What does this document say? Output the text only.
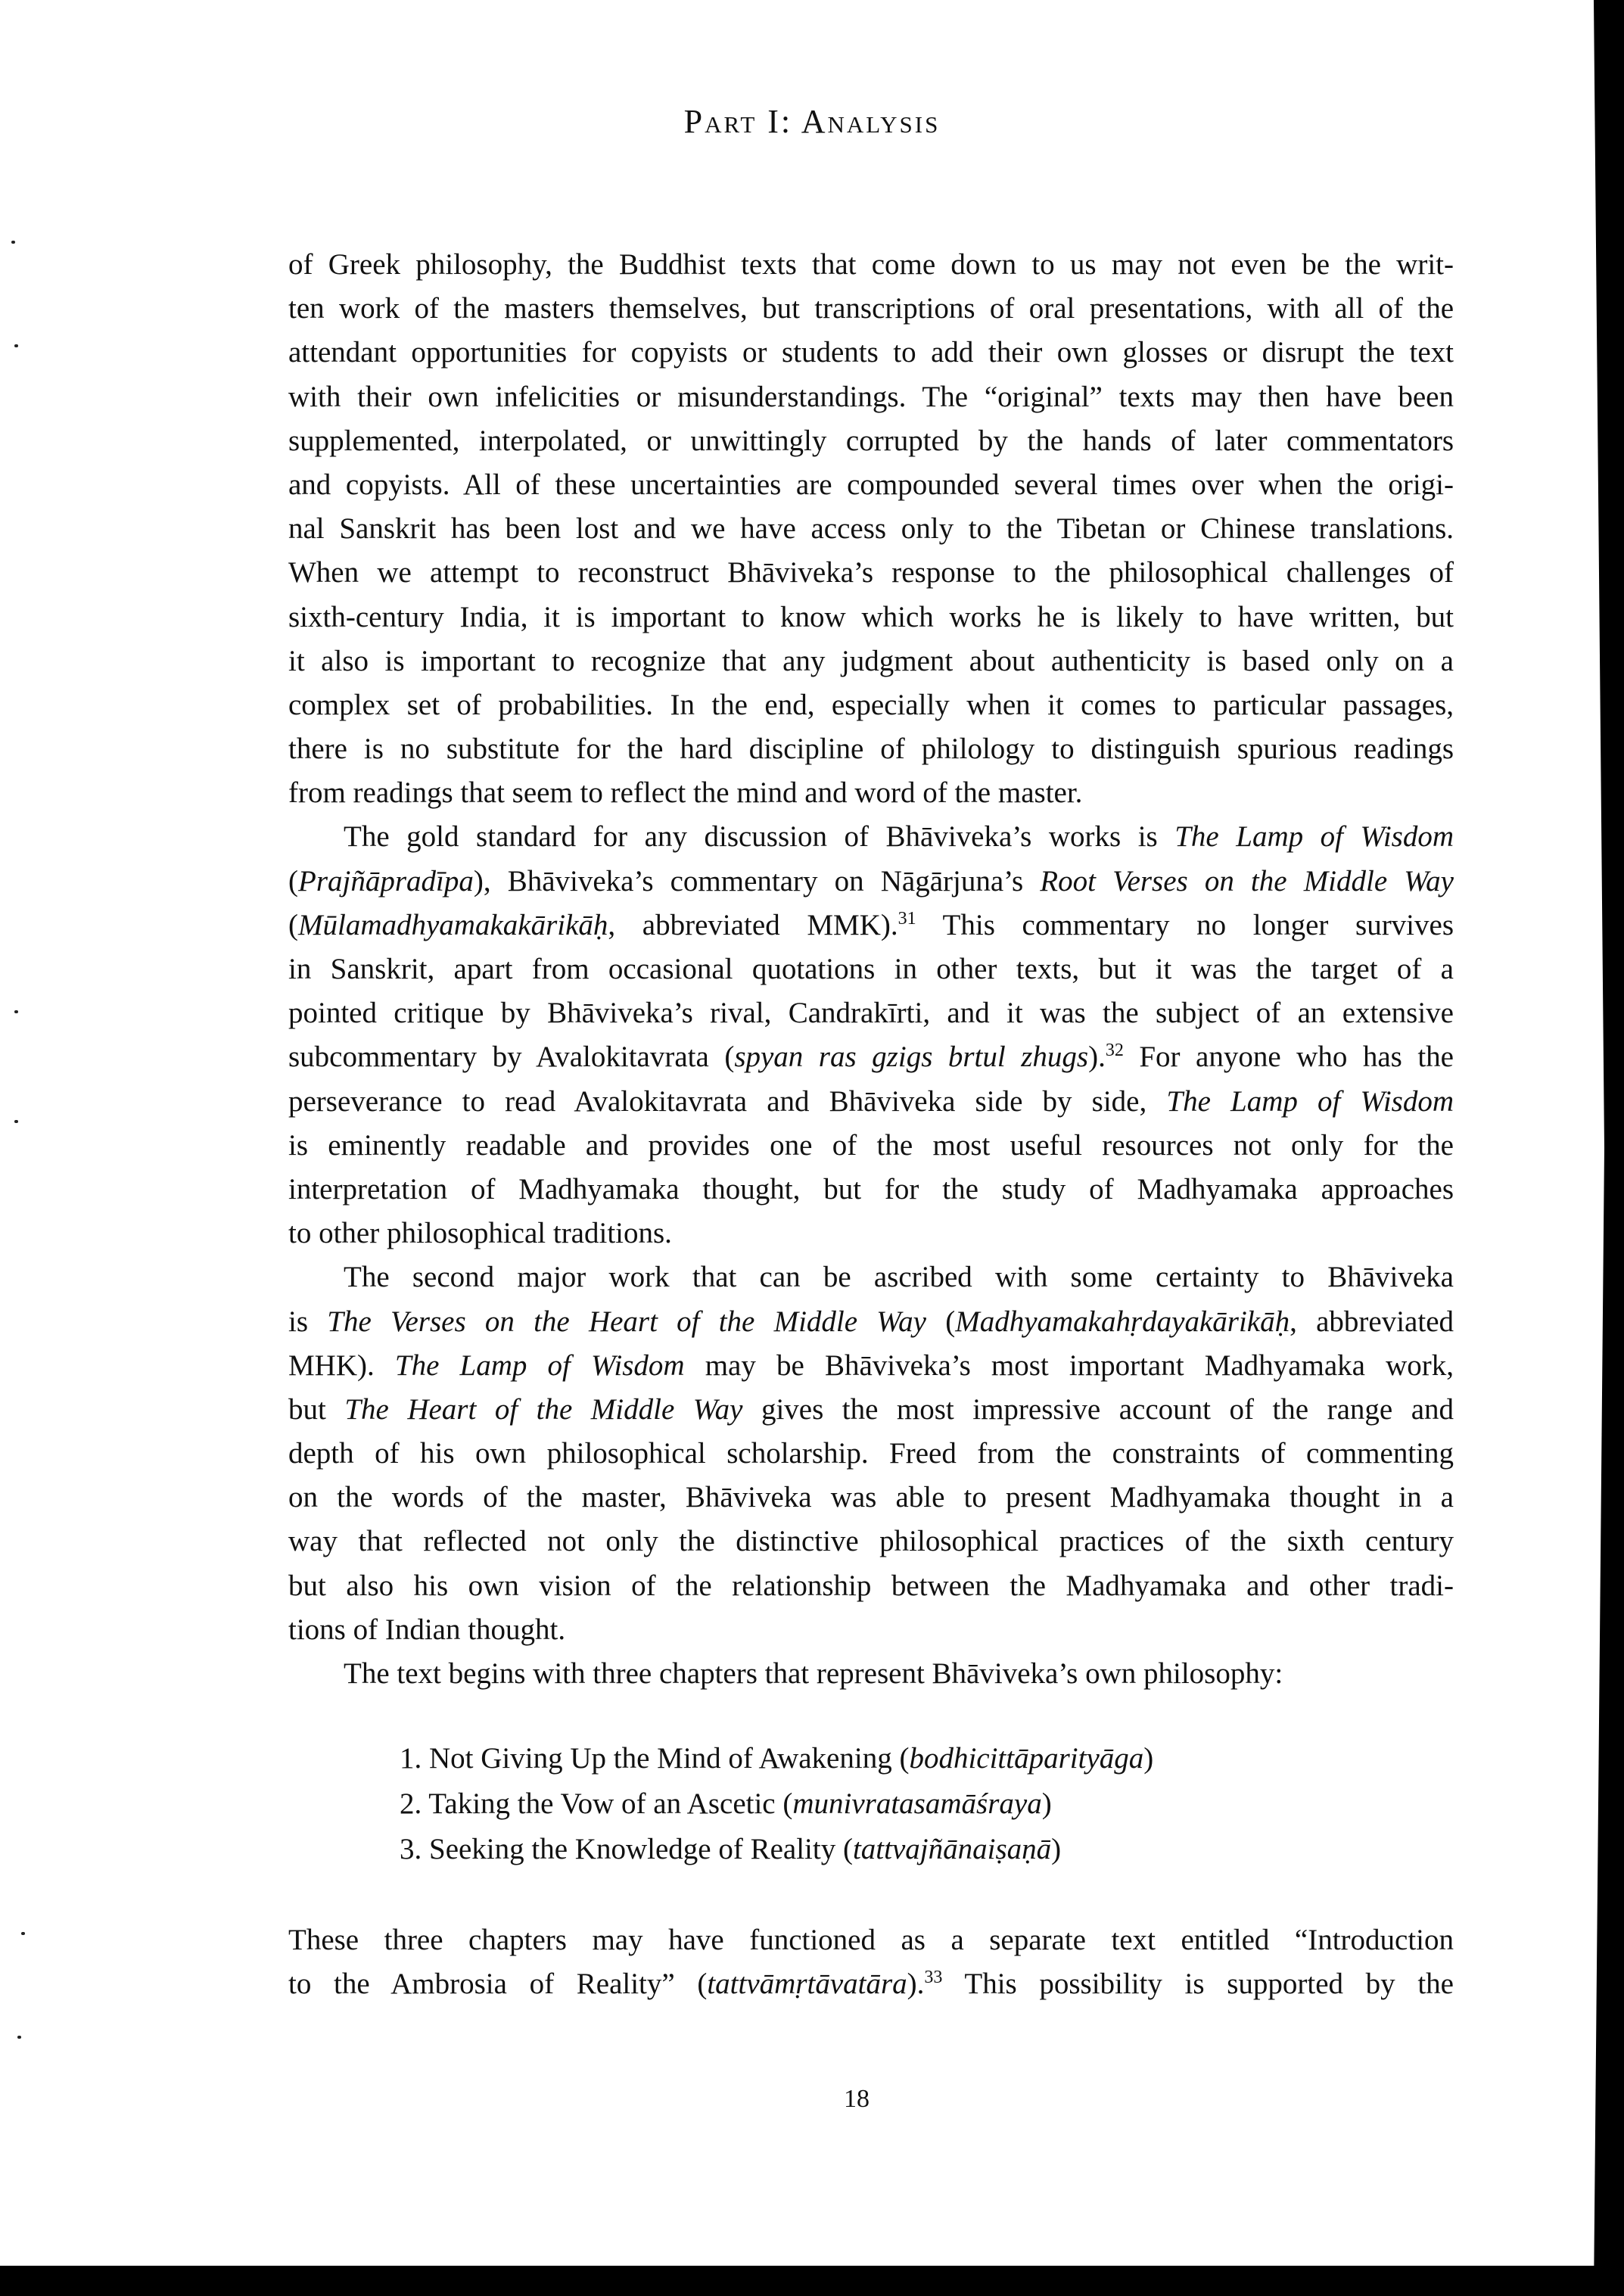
Part I: Analysis
of Greek philosophy, the Buddhist texts that come down to us may not even be the writ-
ten work of the masters themselves, but transcriptions of oral presentations, with all of the
attendant opportunities for copyists or students to add their own glosses or disrupt the text
with their own infelicities or misunderstandings. The “original” texts may then have been
supplemented, interpolated, or unwittingly corrupted by the hands of later commentators
and copyists. All of these uncertainties are compounded several times over when the origi-
nal Sanskrit has been lost and we have access only to the Tibetan or Chinese translations.
When we attempt to reconstruct Bhāviveka’s response to the philosophical challenges of
sixth-century India, it is important to know which works he is likely to have written, but
it also is important to recognize that any judgment about authenticity is based only on a
complex set of probabilities. In the end, especially when it comes to particular passages,
there is no substitute for the hard discipline of philology to distinguish spurious readings
from readings that seem to reflect the mind and word of the master.
The gold standard for any discussion of Bhāviveka’s works is The Lamp of Wisdom
(Prajñāpradīpa), Bhāviveka’s commentary on Nāgārjuna’s Root Verses on the Middle Way
(Mūlamadhyamakakārikāḥ, abbreviated MMK).$^{31}$ This commentary no longer survives
in Sanskrit, apart from occasional quotations in other texts, but it was the target of a
pointed critique by Bhāviveka’s rival, Candrakīrti, and it was the subject of an extensive
subcommentary by Avalokitavrata (spyan ras gzigs brtul zhugs).$^{32}$ For anyone who has the
perseverance to read Avalokitavrata and Bhāviveka side by side, The Lamp of Wisdom
is eminently readable and provides one of the most useful resources not only for the
interpretation of Madhyamaka thought, but for the study of Madhyamaka approaches
to other philosophical traditions.
The second major work that can be ascribed with some certainty to Bhāviveka
is The Verses on the Heart of the Middle Way (Madhyamakahṛdayakārikāḥ, abbreviated
MHK). The Lamp of Wisdom may be Bhāviveka’s most important Madhyamaka work,
but The Heart of the Middle Way gives the most impressive account of the range and
depth of his own philosophical scholarship. Freed from the constraints of commenting
on the words of the master, Bhāviveka was able to present Madhyamaka thought in a
way that reflected not only the distinctive philosophical practices of the sixth century
but also his own vision of the relationship between the Madhyamaka and other tradi-
tions of Indian thought.
The text begins with three chapters that represent Bhāviveka’s own philosophy:
1. Not Giving Up the Mind of Awakening (bodhicittāparityāga)
2. Taking the Vow of an Ascetic (munivratasamāśraya)
3. Seeking the Knowledge of Reality (tattvajñānaiṣaṇā)
These three chapters may have functioned as a separate text entitled “Introduction
to the Ambrosia of Reality” (tattvāmṛtāvatāra).$^{33}$ This possibility is supported by the
18
